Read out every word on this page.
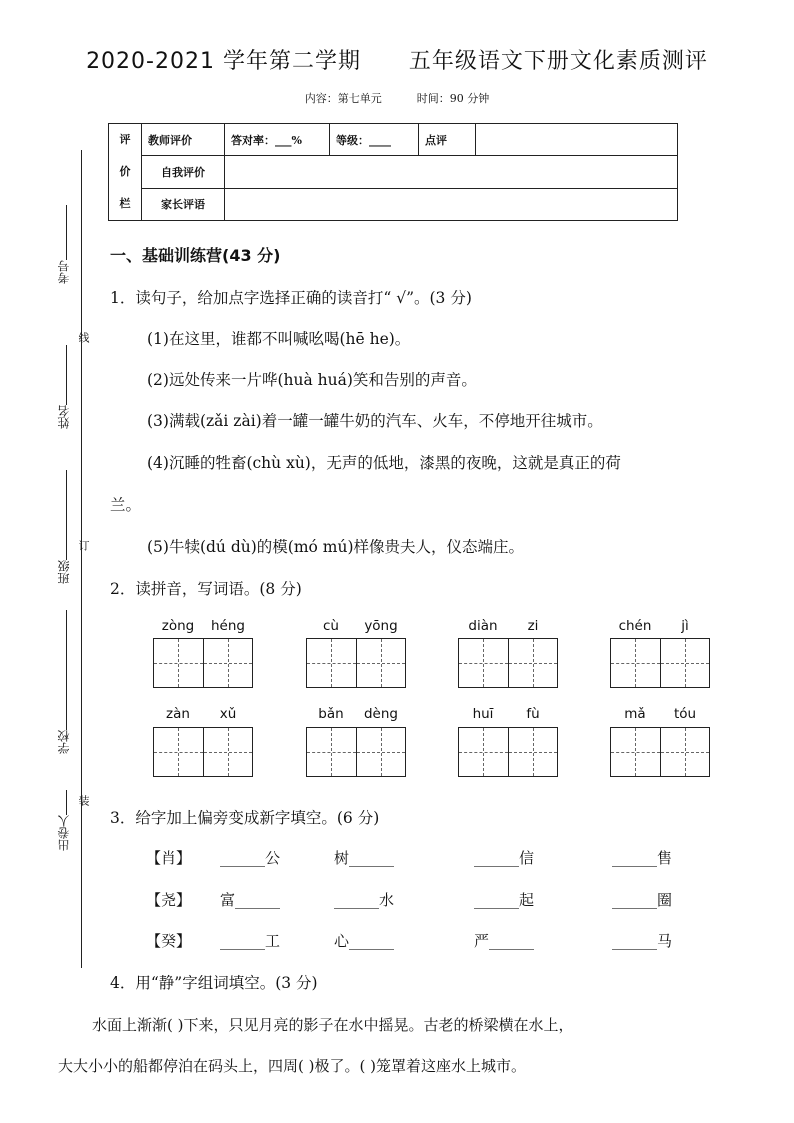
2020-2021 学年第二学期      五年级语文下册文化素质测评
内容：第七单元          时间：90 分钟
评
价
栏	教师评价	答对率：___%	等级：____	点评	
	自我评价				
	家长评语				
线
订
装
考号
姓名
班级
学校
出卷人
一、基础训练营(43 分)
1．读句子，给加点字选择正确的读音打“ √”。(3 分)
(1)在这里，谁都不叫喊吆喝(hē he)。
(2)远处传来一片哗(huà huá)笑和告别的声音。
(3)满载(zǎi zài)着一罐一罐牛奶的汽车、火车，不停地开往城市。
(4)沉睡的牲畜(chù xù)，无声的低地，漆黑的夜晚，这就是真正的荷
兰。
(5)牛犊(dú dù)的模(mó mú)样像贵夫人，仪态端庄。
2．读拼音，写词语。(8 分)
zòng	héng	cù	yōng	diàn	zi	chén	jì
zàn	xǔ	bǎn	dèng	huī	fù	mǎ	tóu
3．给字加上偏旁变成新字填空。(6 分)
【肖】 ______公	树______	______信	______售
【尧】 富______	______水	______起	______圈
【癸】 ______工	心______	严______	______马
4．用“静”字组词填空。(3 分)
水面上渐渐( )下来，只见月亮的影子在水中摇晃。古老的桥梁横在水上，
大大小小的船都停泊在码头上，四周( )极了。( )笼罩着这座水上城市。
